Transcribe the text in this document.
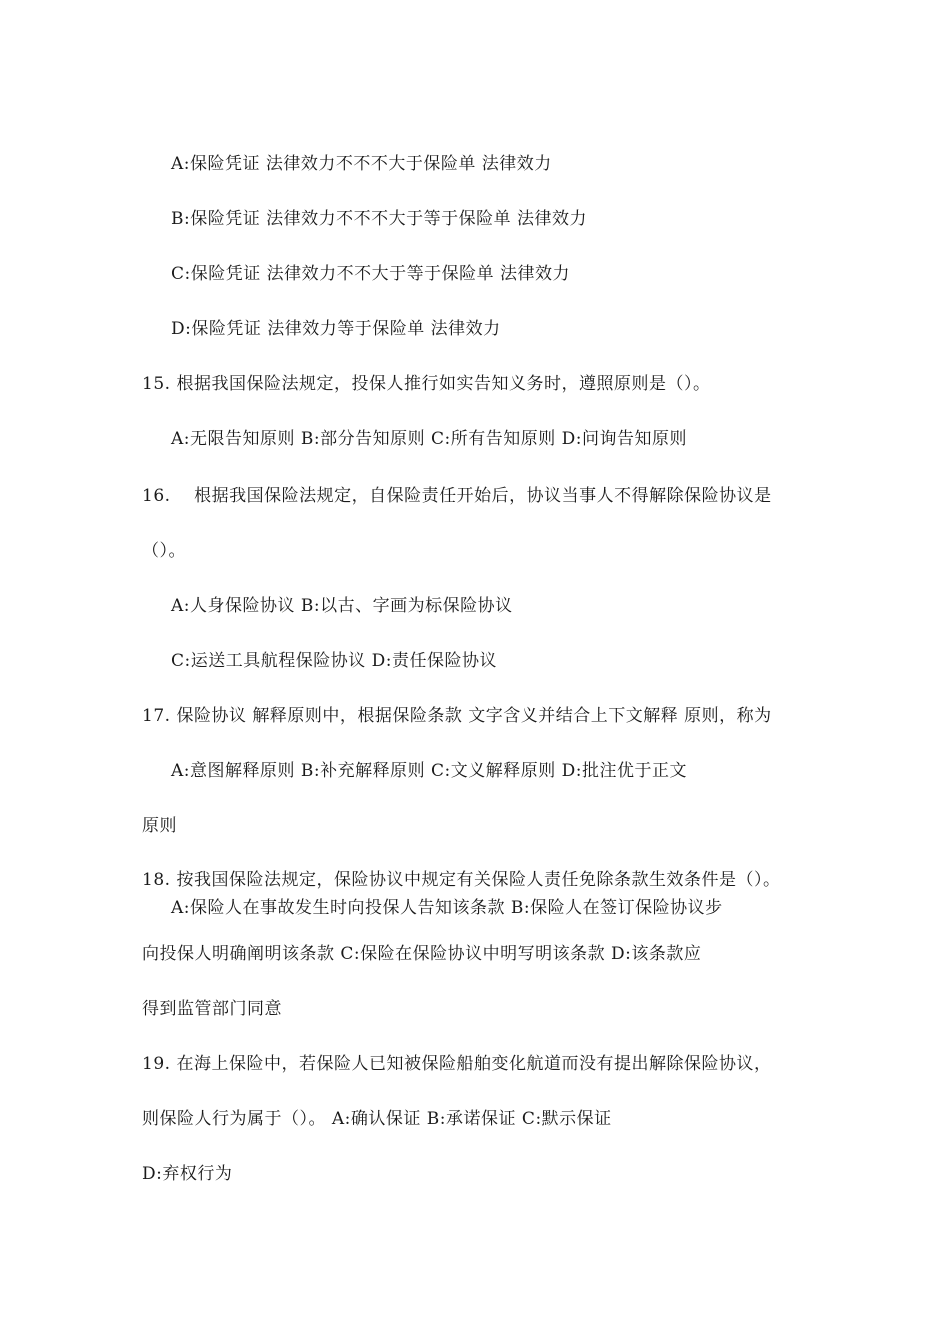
A:保险凭证 法律效力不不不大于保险单 法律效力
B:保险凭证 法律效力不不不大于等于保险单 法律效力
C:保险凭证 法律效力不不大于等于保险单 法律效力
D:保险凭证 法律效力等于保险单 法律效力
15. 根据我国保险法规定，投保人推行如实告知义务时，遵照原则是（）。
A:无限告知原则 B:部分告知原则 C:所有告知原则 D:问询告知原则
16.    根据我国保险法规定，自保险责任开始后，协议当事人不得解除保险协议是
（）。
A:人身保险协议 B:以古、字画为标保险协议
C:运送工具航程保险协议 D:责任保险协议
17. 保险协议 解释原则中，根据保险条款 文字含义并结合上下文解释 原则，称为
A:意图解释原则 B:补充解释原则 C:文义解释原则 D:批注优于正文
原则
18. 按我国保险法规定，保险协议中规定有关保险人责任免除条款生效条件是（）。
A:保险人在事故发生时向投保人告知该条款 B:保险人在签订保险协议步
向投保人明确阐明该条款 C:保险在保险协议中明写明该条款 D:该条款应
得到监管部门同意
19. 在海上保险中，若保险人已知被保险船舶变化航道而没有提出解除保险协议，
则保险人行为属于（）。 A:确认保证 B:承诺保证 C:默示保证
D:弃权行为
